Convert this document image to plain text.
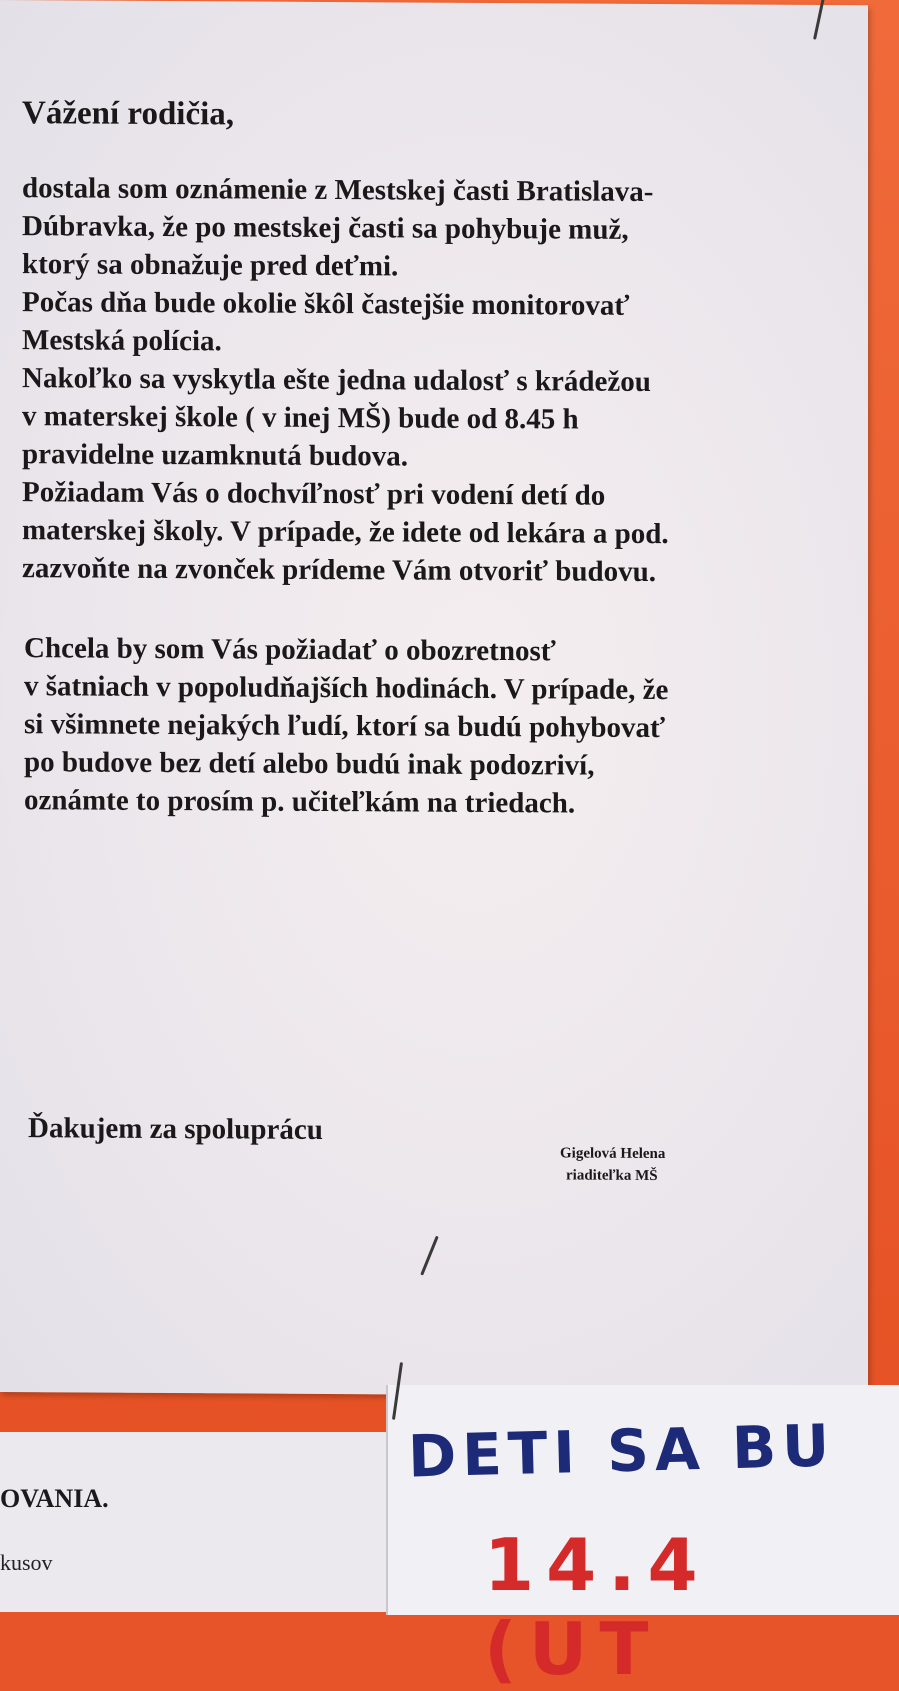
Vážení rodičia,
dostala som oznámenie z Mestskej časti Bratislava-
Dúbravka, že po mestskej časti sa pohybuje muž,
ktorý sa obnažuje pred deťmi.
Počas dňa bude okolie škôl častejšie monitorovať
Mestská polícia.
Nakoľko sa vyskytla ešte jedna udalosť s krádežou
v materskej škole ( v inej MŠ) bude od 8.45 h
pravidelne uzamknutá budova.
Požiadam Vás o dochvíľnosť pri vodení detí do
materskej školy. V prípade, že idete od lekára a pod.
zazvoňte na zvonček prídeme Vám otvoriť budovu.
Chcela by som Vás požiadať o obozretnosť
v šatniach v popoludňajších hodinách. V prípade, že
si všimnete nejakých ľudí, ktorí sa budú pohybovať
po budove bez detí alebo budú inak podozriví,
oznámte to prosím p. učiteľkám na triedach.
Ďakujem za spoluprácu
Gigelová Helena
riaditeľka MŠ
OVANIA.
kusov
DETI SA BU
14.4 (UT
